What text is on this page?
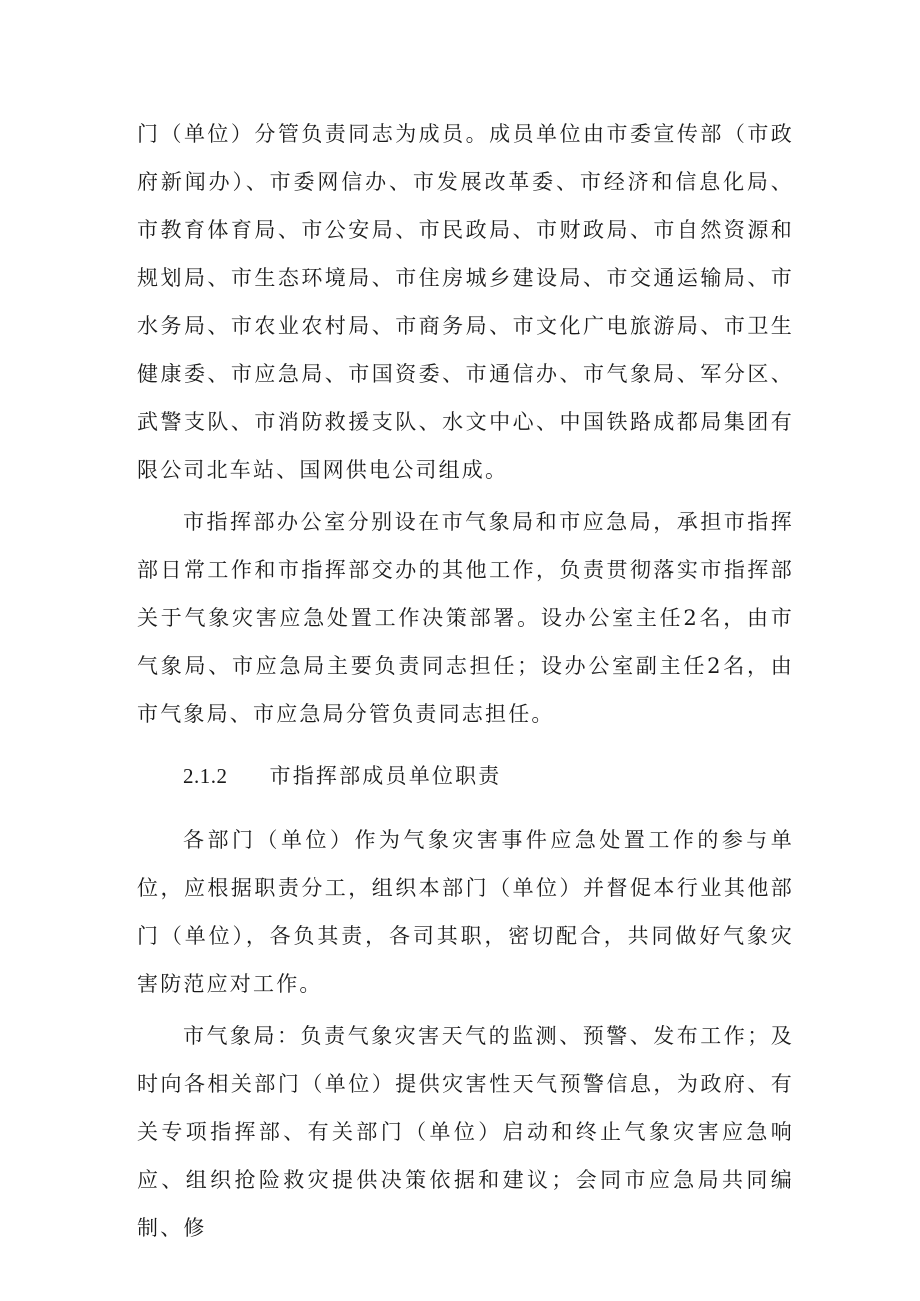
门（单位）分管负责同志为成员。成员单位由市委宣传部（市政府新闻办）、市委网信办、市发展改革委、市经济和信息化局、市教育体育局、市公安局、市民政局、市财政局、市自然资源和规划局、市生态环境局、市住房城乡建设局、市交通运输局、市水务局、市农业农村局、市商务局、市文化广电旅游局、市卫生健康委、市应急局、市国资委、市通信办、市气象局、军分区、武警支队、市消防救援支队、水文中心、中国铁路成都局集团有限公司北车站、国网供电公司组成。

市指挥部办公室分别设在市气象局和市应急局，承担市指挥部日常工作和市指挥部交办的其他工作，负责贯彻落实市指挥部关于气象灾害应急处置工作决策部署。设办公室主任2名，由市气象局、市应急局主要负责同志担任；设办公室副主任2名，由市气象局、市应急局分管负责同志担任。

2.1.2 市指挥部成员单位职责

各部门（单位）作为气象灾害事件应急处置工作的参与单位，应根据职责分工，组织本部门（单位）并督促本行业其他部门（单位），各负其责，各司其职，密切配合，共同做好气象灾害防范应对工作。

市气象局：负责气象灾害天气的监测、预警、发布工作；及时向各相关部门（单位）提供灾害性天气预警信息，为政府、有关专项指挥部、有关部门（单位）启动和终止气象灾害应急响应、组织抢险救灾提供决策依据和建议；会同市应急局共同编制、修
